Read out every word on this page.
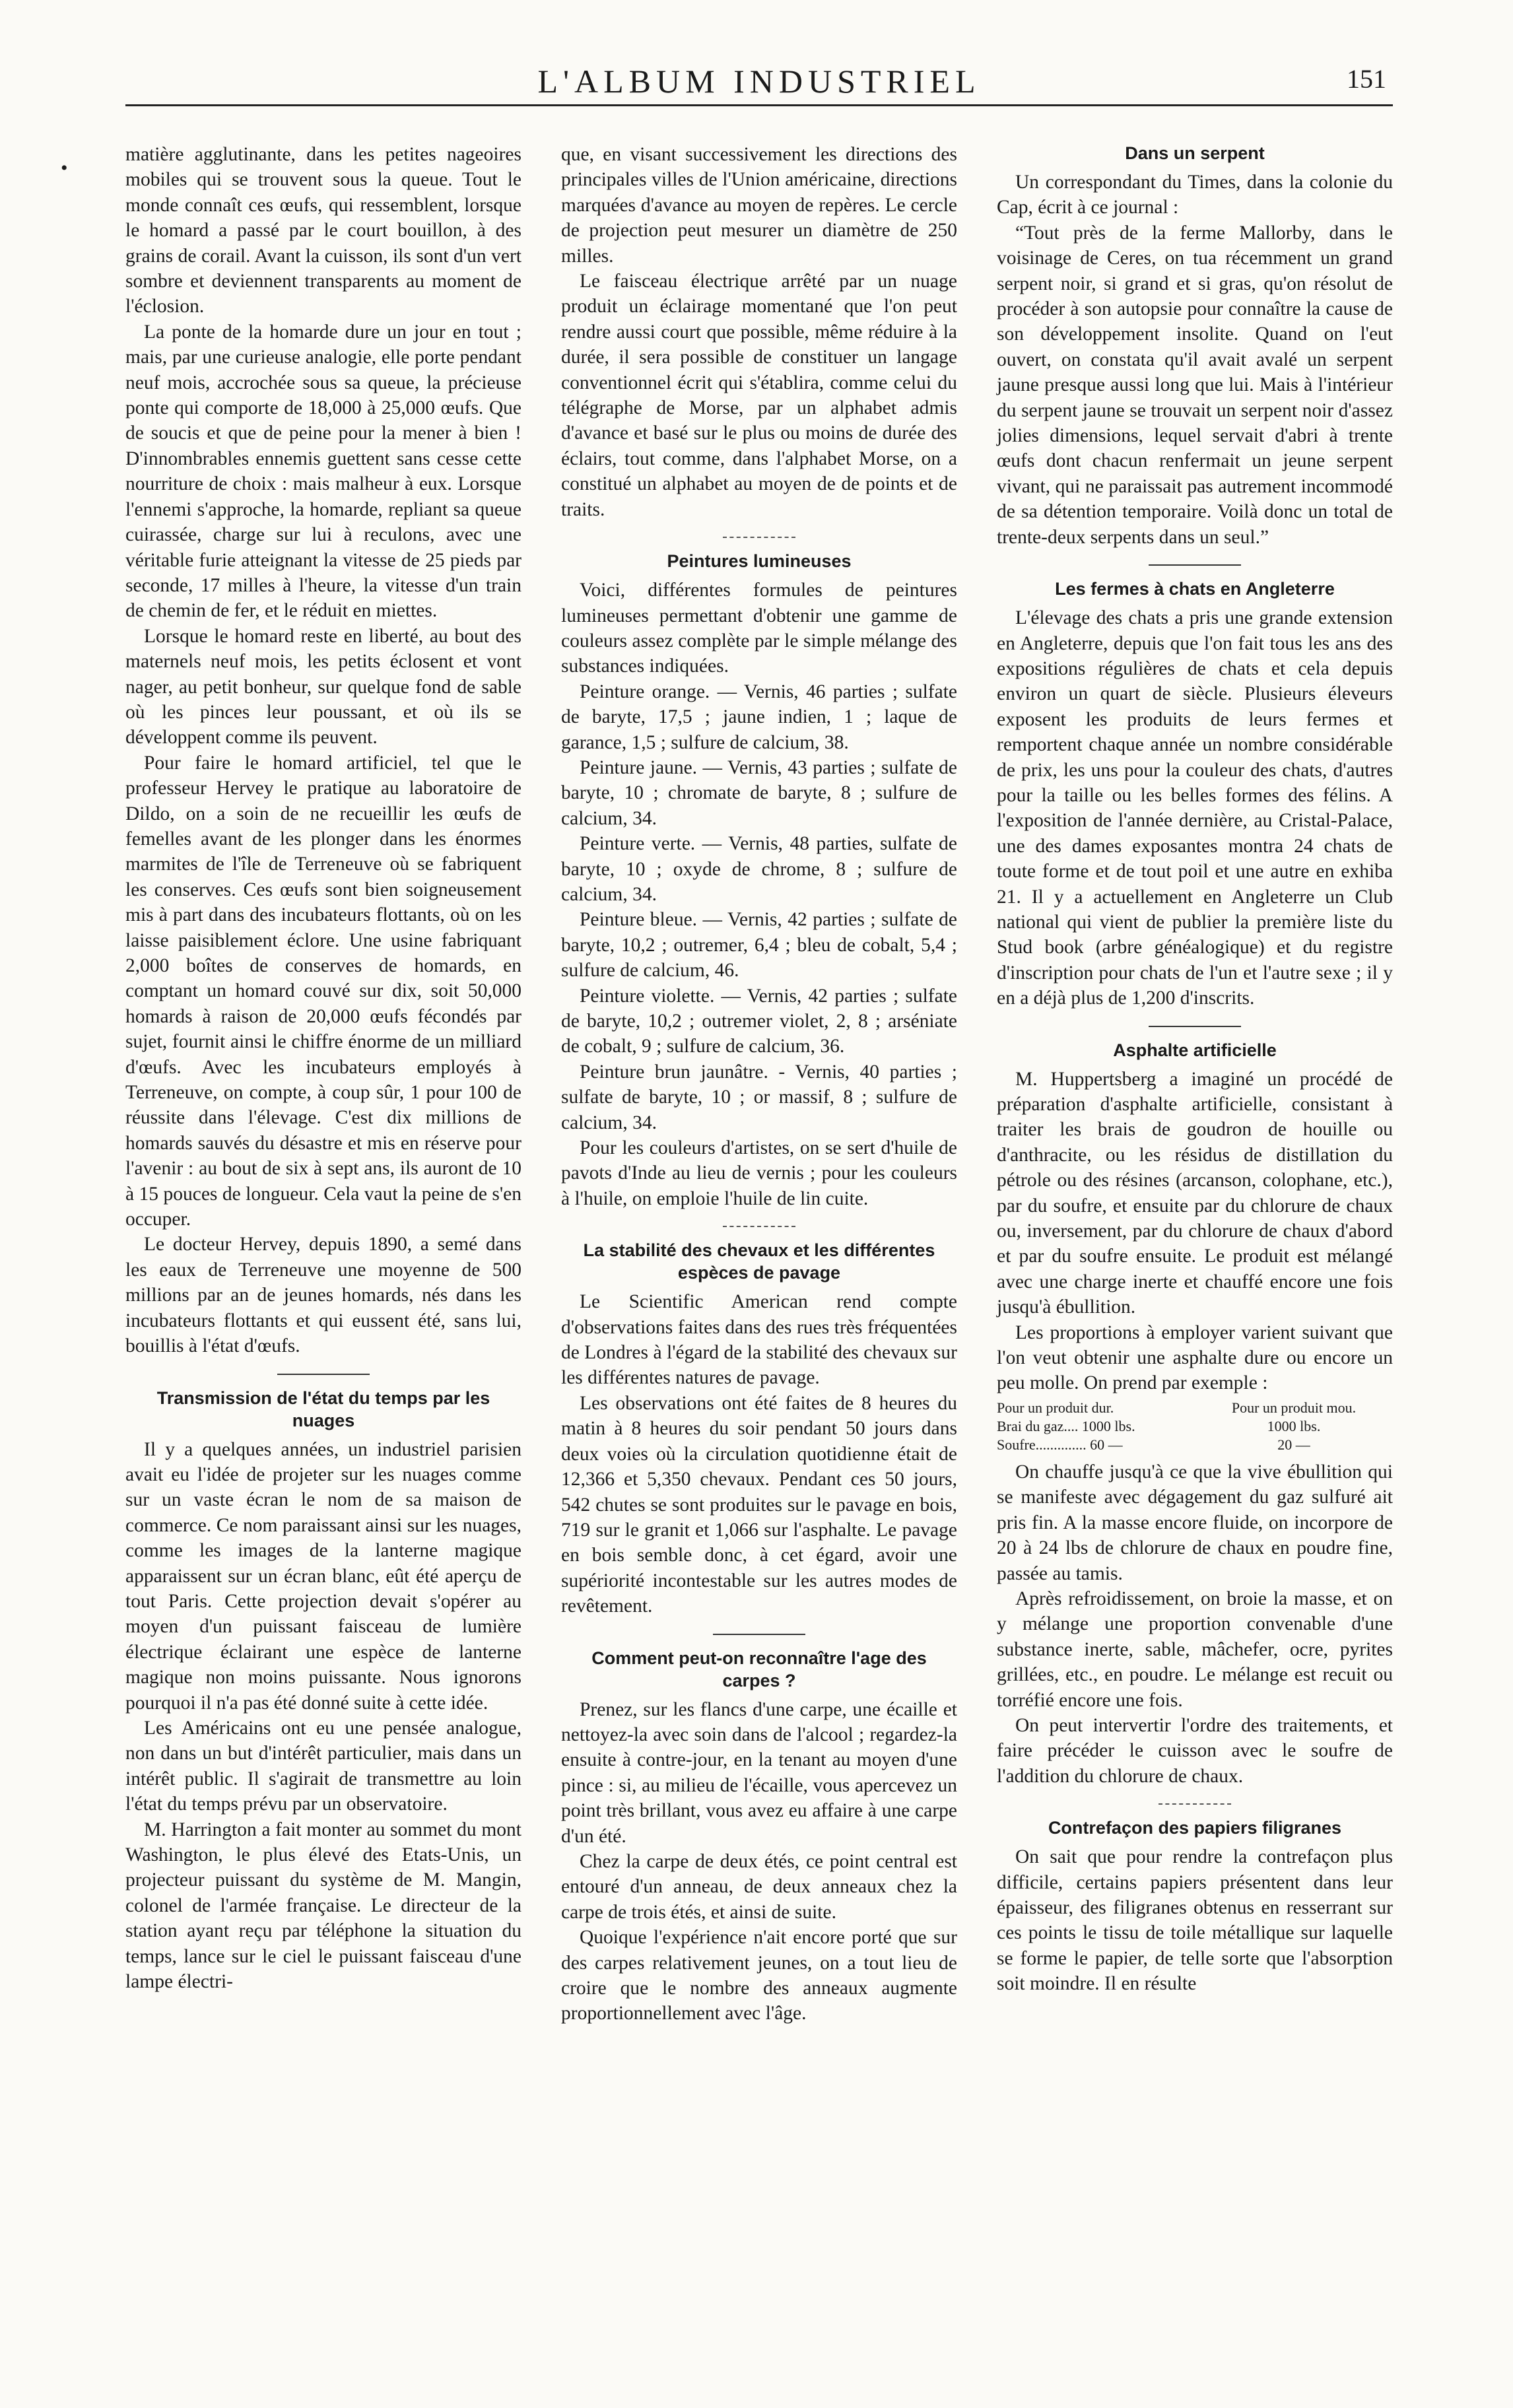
L'ALBUM INDUSTRIEL	151
•

matière agglutinante, dans les petites nageoires mobiles qui se trouvent sous la queue. Tout le monde connaît ces œufs, qui ressemblent, lorsque le homard a passé par le court bouillon, à des grains de corail. Avant la cuisson, ils sont d'un vert sombre et deviennent transparents au moment de l'éclosion.

La ponte de la homarde dure un jour en tout ; mais, par une curieuse analogie, elle porte pendant neuf mois, accrochée sous sa queue, la précieuse ponte qui comporte de 18,000 à 25,000 œufs. Que de soucis et que de peine pour la mener à bien ! D'innombrables ennemis guettent sans cesse cette nourriture de choix : mais malheur à eux. Lorsque l'ennemi s'approche, la homarde, repliant sa queue cuirassée, charge sur lui à reculons, avec une véritable furie atteignant la vitesse de 25 pieds par seconde, 17 milles à l'heure, la vitesse d'un train de chemin de fer, et le réduit en miettes.

Lorsque le homard reste en liberté, au bout des maternels neuf mois, les petits éclosent et vont nager, au petit bonheur, sur quelque fond de sable où les pinces leur poussant, et où ils se développent comme ils peuvent.

Pour faire le homard artificiel, tel que le professeur Hervey le pratique au laboratoire de Dildo, on a soin de ne recueillir les œufs de femelles avant de les plonger dans les énormes marmites de l'île de Terreneuve où se fabriquent les conserves. Ces œufs sont bien soigneusement mis à part dans des incubateurs flottants, où on les laisse paisiblement éclore. Une usine fabriquant 2,000 boîtes de conserves de homards, en comptant un homard couvé sur dix, soit 50,000 homards à raison de 20,000 œufs fécondés par sujet, fournit ainsi le chiffre énorme de un milliard d'œufs. Avec les incubateurs employés à Terreneuve, on compte, à coup sûr, 1 pour 100 de réussite dans l'élevage. C'est dix millions de homards sauvés du désastre et mis en réserve pour l'avenir : au bout de six à sept ans, ils auront de 10 à 15 pouces de longueur. Cela vaut la peine de s'en occuper.

Le docteur Hervey, depuis 1890, a semé dans les eaux de Terreneuve une moyenne de 500 millions par an de jeunes homards, nés dans les incubateurs flottants et qui eussent été, sans lui, bouillis à l'état d'œufs.

Transmission de l'état du temps par les nuages

Il y a quelques années, un industriel parisien avait eu l'idée de projeter sur les nuages comme sur un vaste écran le nom de sa maison de commerce. Ce nom paraissant ainsi sur les nuages, comme les images de la lanterne magique apparaissent sur un écran blanc, eût été aperçu de tout Paris. Cette projection devait s'opérer au moyen d'un puissant faisceau de lumière électrique éclairant une espèce de lanterne magique non moins puissante. Nous ignorons pourquoi il n'a pas été donné suite à cette idée.

Les Américains ont eu une pensée analogue, non dans un but d'intérêt particulier, mais dans un intérêt public. Il s'agirait de transmettre au loin l'état du temps prévu par un observatoire.

M. Harrington a fait monter au sommet du mont Washington, le plus élevé des Etats-Unis, un projecteur puissant du système de M. Mangin, colonel de l'armée française. Le directeur de la station ayant reçu par téléphone la situation du temps, lance sur le ciel le puissant faisceau d'une lampe électri-

que, en visant successivement les directions des principales villes de l'Union américaine, directions marquées d'avance au moyen de repères. Le cercle de projection peut mesurer un diamètre de 250 milles.

Le faisceau électrique arrêté par un nuage produit un éclairage momentané que l'on peut rendre aussi court que possible, même réduire à la durée, il sera possible de constituer un langage conventionnel écrit qui s'établira, comme celui du télégraphe de Morse, par un alphabet admis d'avance et basé sur le plus ou moins de durée des éclairs, tout comme, dans l'alphabet Morse, on a constitué un alphabet au moyen de de points et de traits.

Peintures lumineuses

Voici, différentes formules de peintures lumineuses permettant d'obtenir une gamme de couleurs assez complète par le simple mélange des substances indiquées.

Peinture orange. — Vernis, 46 parties ; sulfate de baryte, 17,5 ; jaune indien, 1 ; laque de garance, 1,5 ; sulfure de calcium, 38.

Peinture jaune. — Vernis, 43 parties ; sulfate de baryte, 10 ; chromate de baryte, 8 ; sulfure de calcium, 34.

Peinture verte. — Vernis, 48 parties, sulfate de baryte, 10 ; oxyde de chrome, 8 ; sulfure de calcium, 34.

Peinture bleue. — Vernis, 42 parties ; sulfate de baryte, 10,2 ; outremer, 6,4 ; bleu de cobalt, 5,4 ; sulfure de calcium, 46.

Peinture violette. — Vernis, 42 parties ; sulfate de baryte, 10,2 ; outremer violet, 2, 8 ; arséniate de cobalt, 9 ; sulfure de calcium, 36.

Peinture brun jaunâtre. - Vernis, 40 parties ; sulfate de baryte, 10 ; or massif, 8 ; sulfure de calcium, 34.

Pour les couleurs d'artistes, on se sert d'huile de pavots d'Inde au lieu de vernis ; pour les couleurs à l'huile, on emploie l'huile de lin cuite.

La stabilité des chevaux et les différentes espèces de pavage

Le Scientific American rend compte d'observations faites dans des rues très fréquentées de Londres à l'égard de la stabilité des chevaux sur les différentes natures de pavage.

Les observations ont été faites de 8 heures du matin à 8 heures du soir pendant 50 jours dans deux voies où la circulation quotidienne était de 12,366 et 5,350 chevaux. Pendant ces 50 jours, 542 chutes se sont produites sur le pavage en bois, 719 sur le granit et 1,066 sur l'asphalte. Le pavage en bois semble donc, à cet égard, avoir une supériorité incontestable sur les autres modes de revêtement.

Comment peut-on reconnaître l'age des carpes ?

Prenez, sur les flancs d'une carpe, une écaille et nettoyez-la avec soin dans de l'alcool ; regardez-la ensuite à contre-jour, en la tenant au moyen d'une pince : si, au milieu de l'écaille, vous apercevez un point très brillant, vous avez eu affaire à une carpe d'un été.

Chez la carpe de deux étés, ce point central est entouré d'un anneau, de deux anneaux chez la carpe de trois étés, et ainsi de suite.

Quoique l'expérience n'ait encore porté que sur des carpes relativement jeunes, on a tout lieu de croire que le nombre des anneaux augmente proportionnellement avec l'âge.

Dans un serpent

Un correspondant du Times, dans la colonie du Cap, écrit à ce journal :

“Tout près de la ferme Mallorby, dans le voisinage de Ceres, on tua récemment un grand serpent noir, si grand et si gras, qu'on résolut de procéder à son autopsie pour connaître la cause de son développement insolite. Quand on l'eut ouvert, on constata qu'il avait avalé un serpent jaune presque aussi long que lui. Mais à l'intérieur du serpent jaune se trouvait un serpent noir d'assez jolies dimensions, lequel servait d'abri à trente œufs dont chacun renfermait un jeune serpent vivant, qui ne paraissait pas autrement incommodé de sa détention temporaire. Voilà donc un total de trente-deux serpents dans un seul.”

Les fermes à chats en Angleterre

L'élevage des chats a pris une grande extension en Angleterre, depuis que l'on fait tous les ans des expositions régulières de chats et cela depuis environ un quart de siècle. Plusieurs éleveurs exposent les produits de leurs fermes et remportent chaque année un nombre considérable de prix, les uns pour la couleur des chats, d'autres pour la taille ou les belles formes des félins. A l'exposition de l'année dernière, au Cristal-Palace, une des dames exposantes montra 24 chats de toute forme et de tout poil et une autre en exhiba 21. Il y a actuellement en Angleterre un Club national qui vient de publier la première liste du Stud book (arbre généalogique) et du registre d'inscription pour chats de l'un et l'autre sexe ; il y en a déjà plus de 1,200 d'inscrits.

Asphalte artificielle

M. Huppertsberg a imaginé un procédé de préparation d'asphalte artificielle, consistant à traiter les brais de goudron de houille ou d'anthracite, ou les résidus de distillation du pétrole ou des résines (arcanson, colophane, etc.), par du soufre, et ensuite par du chlorure de chaux ou, inversement, par du chlorure de chaux d'abord et par du soufre ensuite. Le produit est mélangé avec une charge inerte et chauffé encore une fois jusqu'à ébullition.

Les proportions à employer varient suivant que l'on veut obtenir une asphalte dure ou encore un peu molle. On prend par exemple :

Pour un produit dur.	Pour un produit mou.
Brai du gaz.... 1000 lbs.	1000 lbs.
Soufre.............. 60 —	20 —

On chauffe jusqu'à ce que la vive ébullition qui se manifeste avec dégagement du gaz sulfuré ait pris fin. A la masse encore fluide, on incorpore de 20 à 24 lbs de chlorure de chaux en poudre fine, passée au tamis.

Après refroidissement, on broie la masse, et on y mélange une proportion convenable d'une substance inerte, sable, mâchefer, ocre, pyrites grillées, etc., en poudre. Le mélange est recuit ou torréfié encore une fois.

On peut intervertir l'ordre des traitements, et faire précéder le cuisson avec le soufre de l'addition du chlorure de chaux.

Contrefaçon des papiers filigranes

On sait que pour rendre la contrefaçon plus difficile, certains papiers présentent dans leur épaisseur, des filigranes obtenus en resserrant sur ces points le tissu de toile métallique sur laquelle se forme le papier, de telle sorte que l'absorption soit moindre. Il en résulte
